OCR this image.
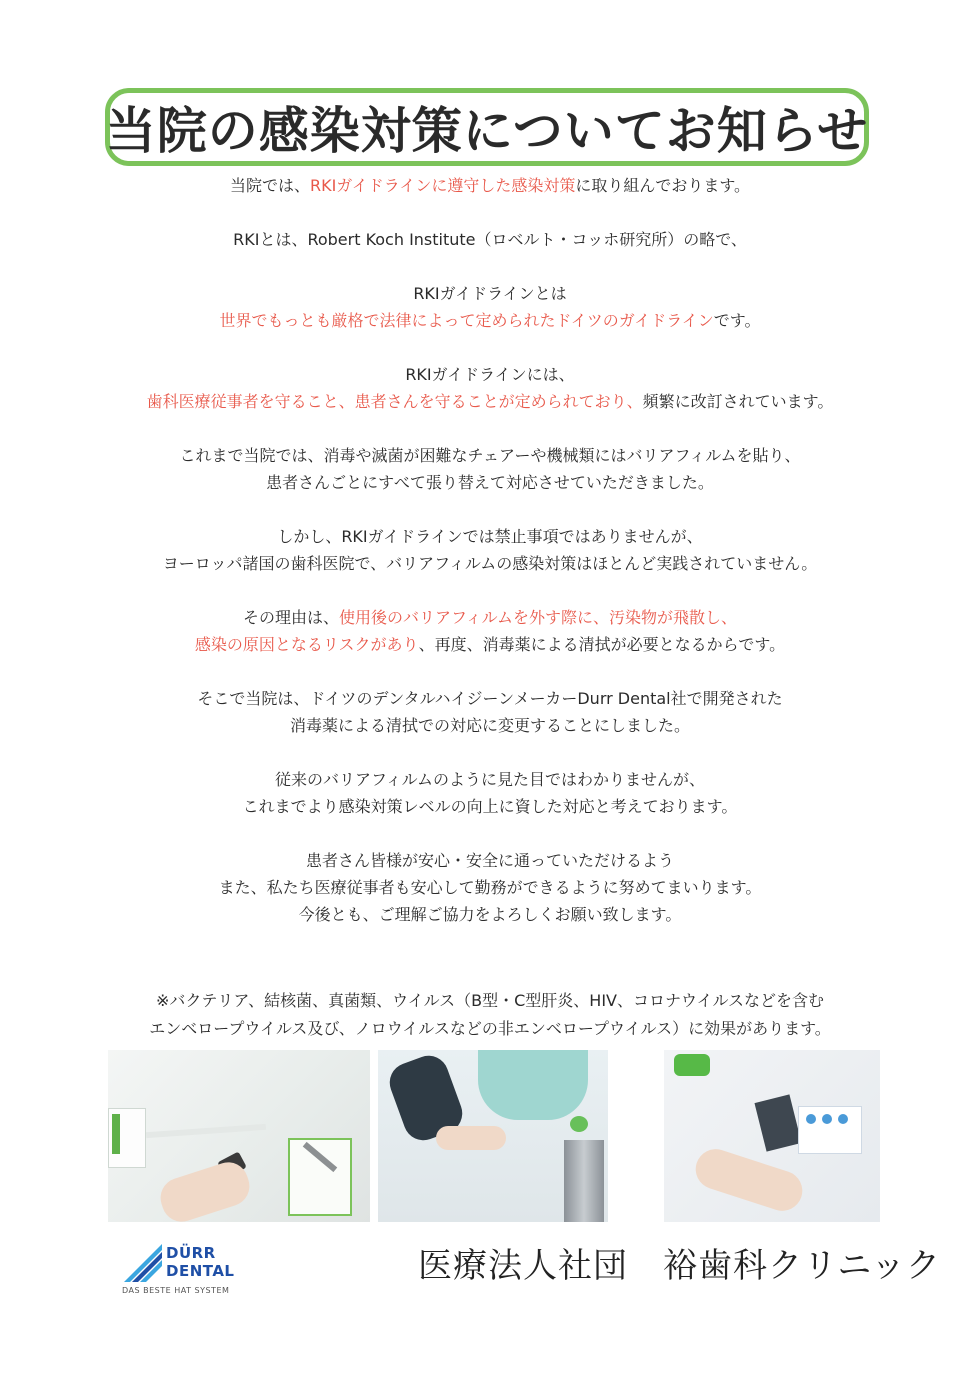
当院の感染対策についてお知らせ

当院では、RKIガイドラインに遵守した感染対策に取り組んでおります。

RKIとは、Robert Koch Institute（ロベルト・コッホ研究所）の略で、

RKIガイドラインとは

世界でもっとも厳格で法律によって定められたドイツのガイドラインです。

RKIガイドラインには、

歯科医療従事者を守ること、患者さんを守ることが定められており、頻繁に改訂されています。

これまで当院では、消毒や滅菌が困難なチェアーや機械類にはバリアフィルムを貼り、

患者さんごとにすべて張り替えて対応させていただきました。

しかし、RKIガイドラインでは禁止事項ではありませんが、

ヨーロッパ諸国の歯科医院で、バリアフィルムの感染対策はほとんど実践されていません。

その理由は、使用後のバリアフィルムを外す際に、汚染物が飛散し、

感染の原因となるリスクがあり、再度、消毒薬による清拭が必要となるからです。

そこで当院は、ドイツのデンタルハイジーンメーカーDurr Dental社で開発された

消毒薬による清拭での対応に変更することにしました。

従来のバリアフィルムのように見た目ではわかりませんが、

これまでより感染対策レベルの向上に資した対応と考えております。

患者さん皆様が安心・安全に通っていただけるよう

また、私たち医療従事者も安心して勤務ができるように努めてまいります。

今後とも、ご理解ご協力をよろしくお願い致します。

※バクテリア、結核菌、真菌類、ウイルス（B型・C型肝炎、HIV、コロナウイルスなどを含む

エンベロープウイルス及び、ノロウイルスなどの非エンベロープウイルス）に効果があります。

DÜRR
DENTAL
DAS BESTE HAT SYSTEM
医療法人社団　裕歯科クリニック
